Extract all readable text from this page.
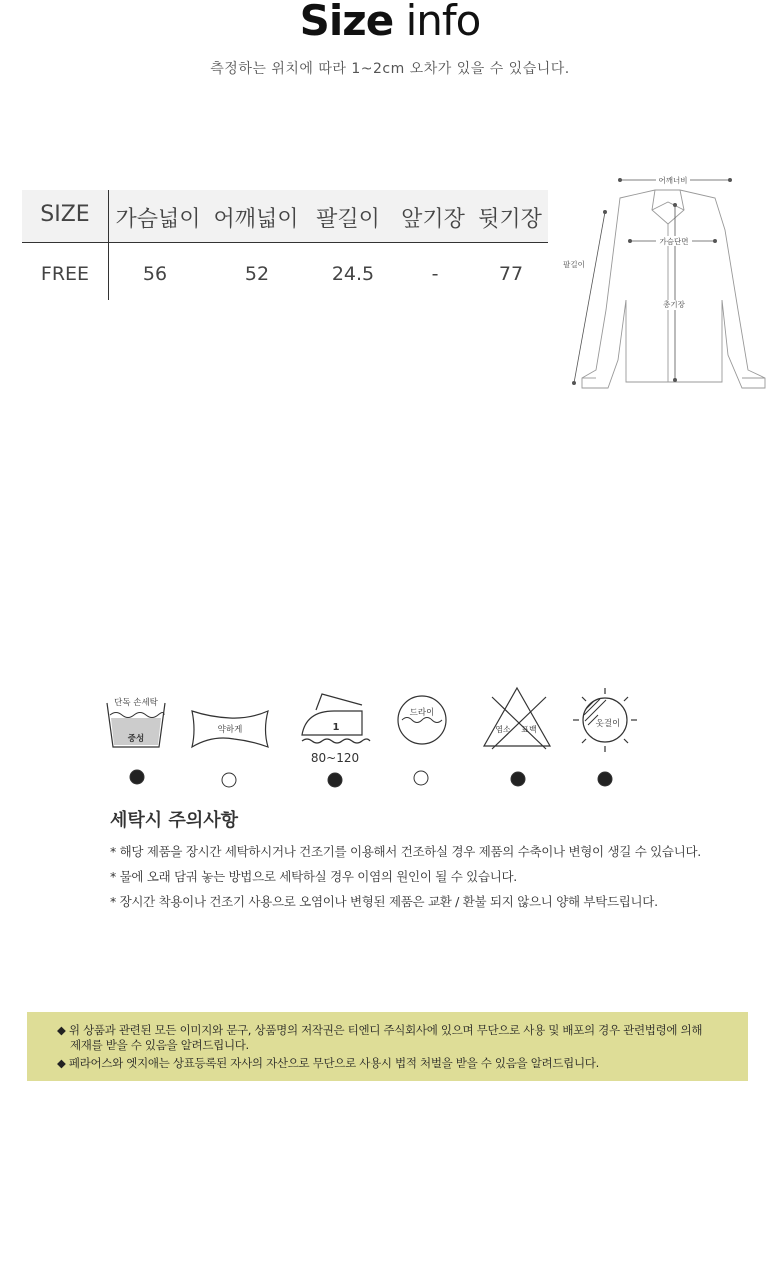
Size info
측정하는 위치에 따라 1~2cm 오차가 있을 수 있습니다.
SIZE	가슴넓이 어깨넓이 팔길이 앞기장 뒷기장
FREE	56	52	24.5	-	77
어깨너비
가슴단면
팔길이
총기장
단독 손세탁
중성
약하게	1
80~120
드라이
염소 표백
옷걸이
세탁시 주의사항
* 해당 제품을 장시간 세탁하시거나 건조기를 이용해서 건조하실 경우 제품의 수축이나 변형이 생길 수 있습니다.
* 물에 오래 담궈 놓는 방법으로 세탁하실 경우 이염의 원인이 될 수 있습니다.
* 장시간 착용이나 건조기 사용으로 오염이나 변형된 제품은 교환 / 환불 되지 않으니 양해 부탁드립니다.
◆ 위 상품과 관련된 모든 이미지와 문구, 상품명의 저작권은 티엔디 주식회사에 있으며 무단으로 사용 및 배포의 경우 관련법령에 의해
제재를 받을 수 있음을 알려드립니다.
◆ 페라어스와 엣지애는 상표등록된 자사의 자산으로 무단으로 사용시 법적 처벌을 받을 수 있음을 알려드립니다.
